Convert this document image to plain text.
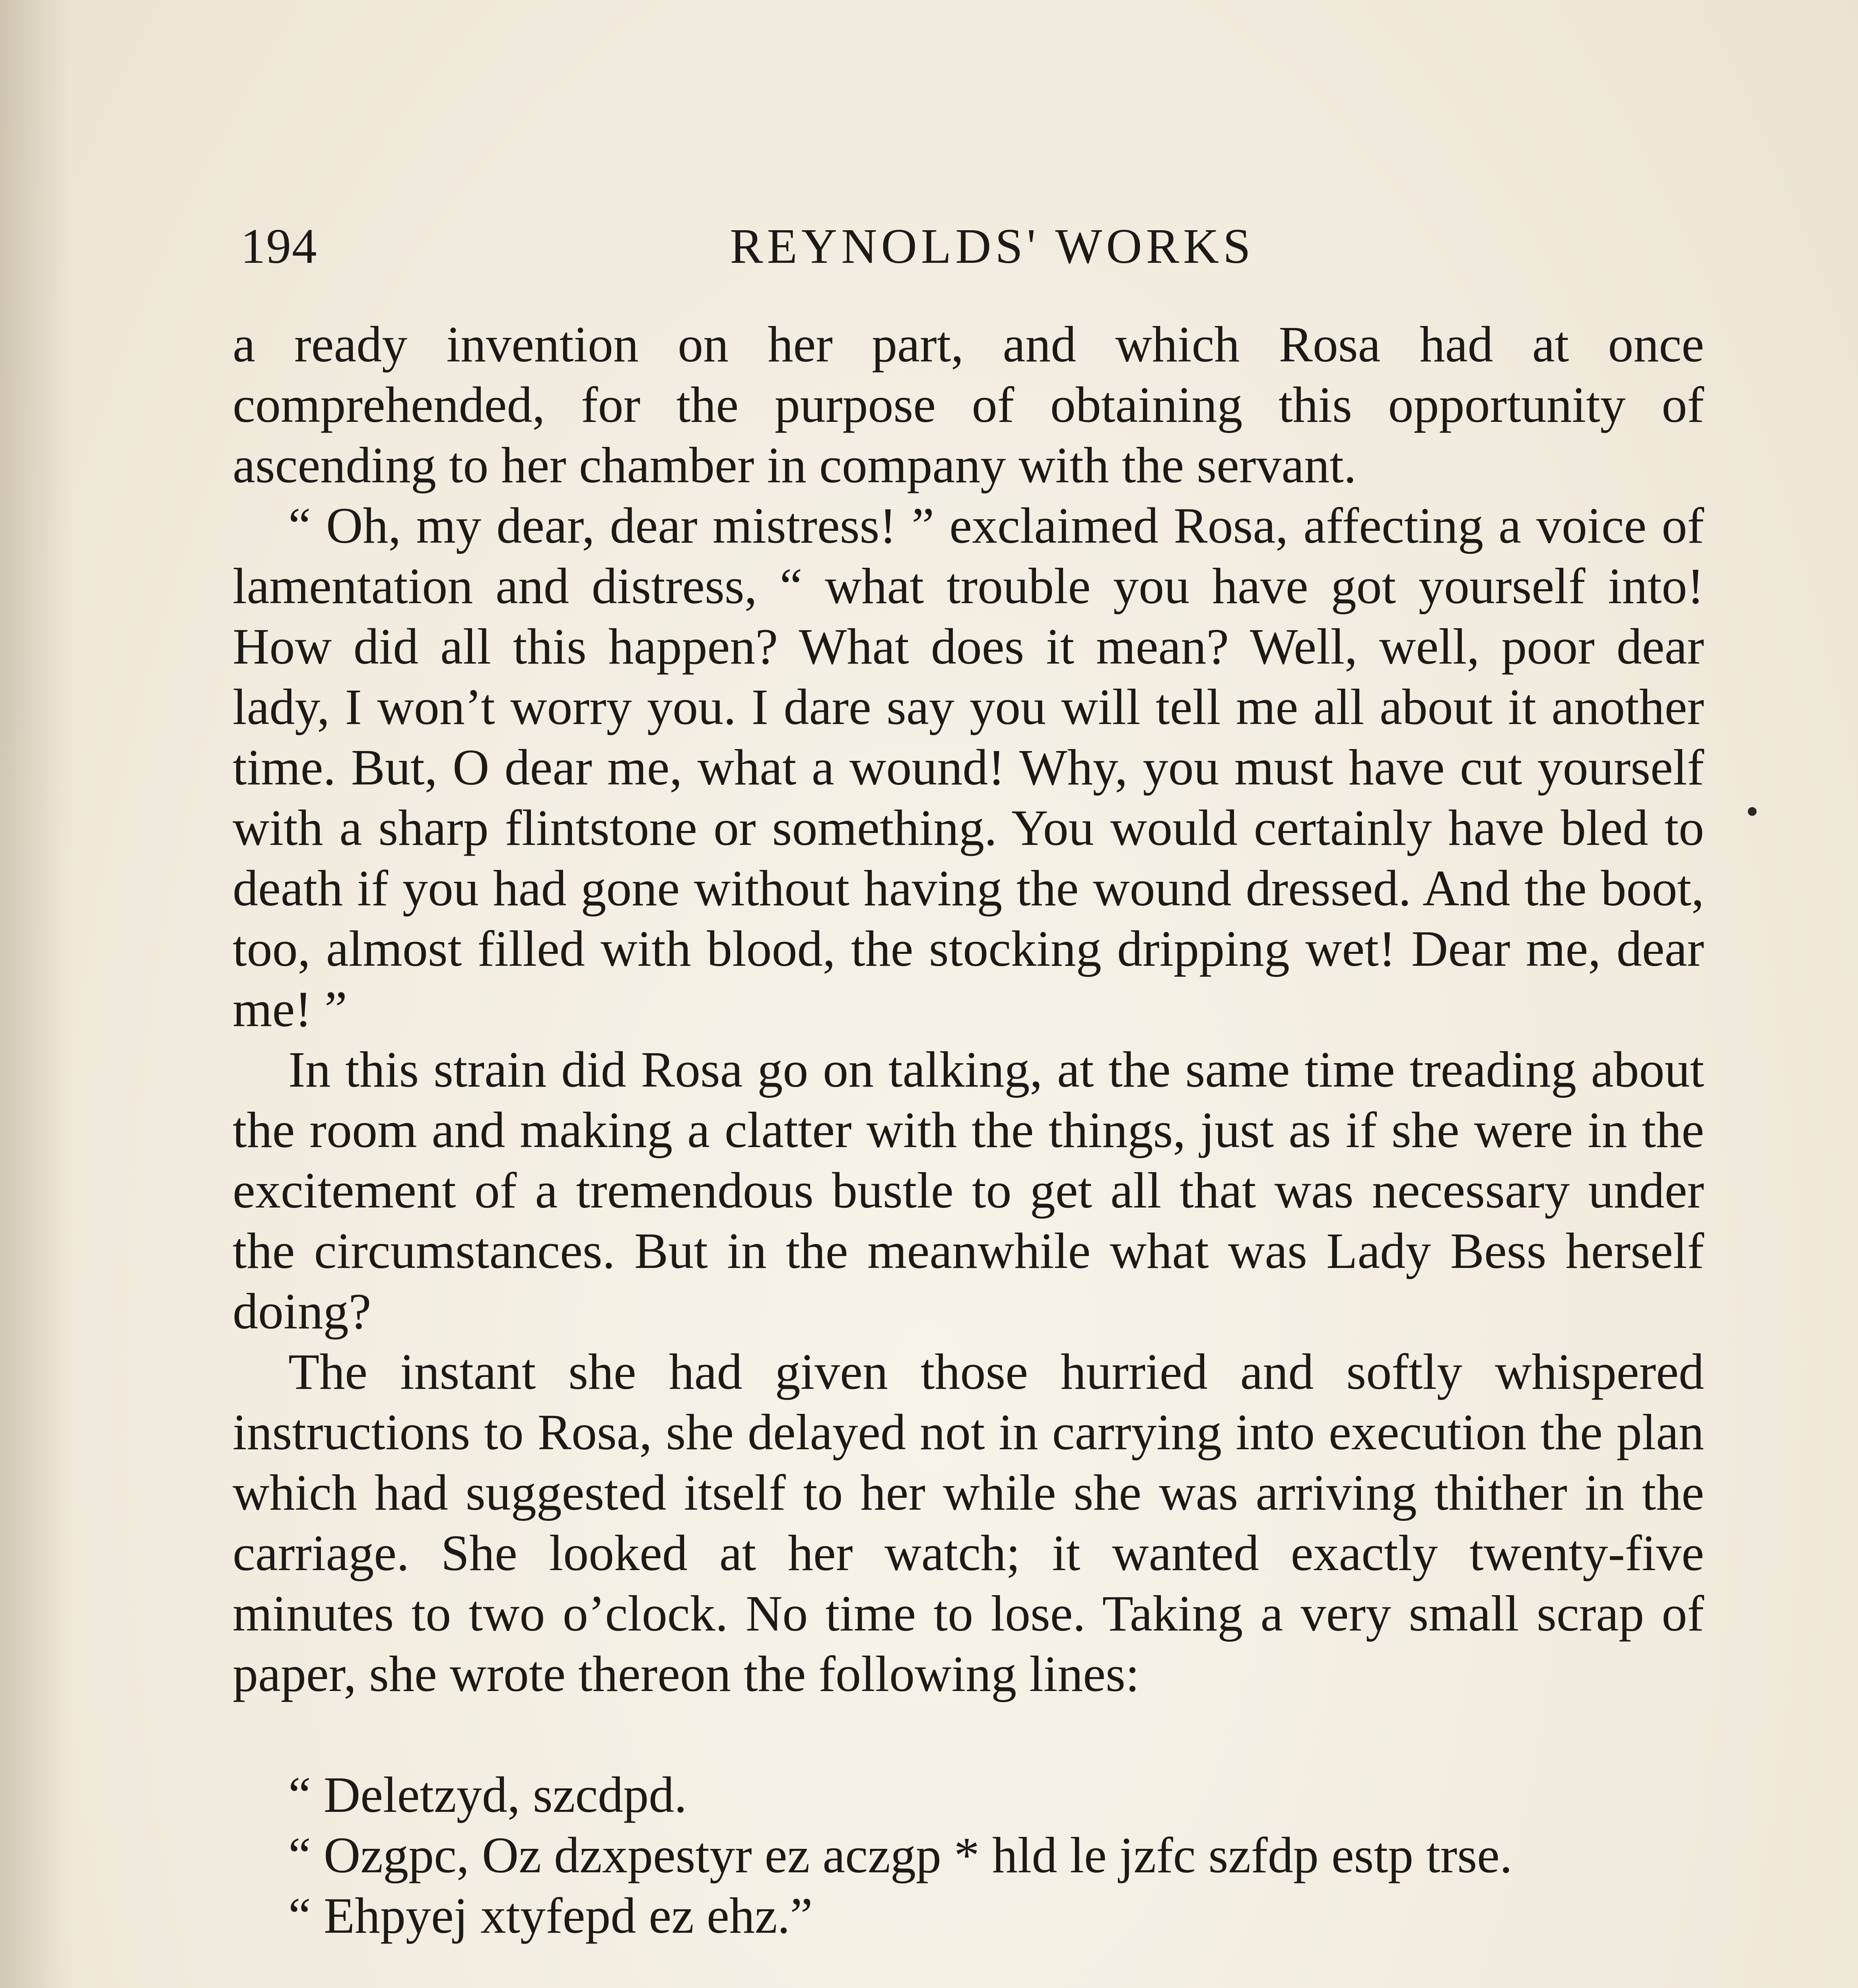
194	REYNOLDS' WORKS

a ready invention on her part, and which Rosa had at once comprehended, for the purpose of obtaining this opportunity of ascending to her chamber in company with the servant.

“ Oh, my dear, dear mistress! ” exclaimed Rosa, affecting a voice of lamentation and distress, “ what trouble you have got yourself into! How did all this happen? What does it mean? Well, well, poor dear lady, I won’t worry you. I dare say you will tell me all about it another time. But, O dear me, what a wound! Why, you must have cut yourself with a sharp flintstone or something. You would certainly have bled to death if you had gone without having the wound dressed. And the boot, too, almost filled with blood, the stocking dripping wet! Dear me, dear me! ”

In this strain did Rosa go on talking, at the same time treading about the room and making a clatter with the things, just as if she were in the excitement of a tremendous bustle to get all that was necessary under the circumstances. But in the meanwhile what was Lady Bess herself doing?

The instant she had given those hurried and softly whispered instructions to Rosa, she delayed not in carrying into execution the plan which had suggested itself to her while she was arriving thither in the carriage. She looked at her watch; it wanted exactly twenty-five minutes to two o’clock. No time to lose. Taking a very small scrap of paper, she wrote thereon the following lines:

“ Deletzyd, szcdpd.

“ Ozgpc, Oz dzxpestyr ez aczgp * hld le jzfc szfdp estp trse.

“ Ehpyej xtyfepd ez ehz.”
